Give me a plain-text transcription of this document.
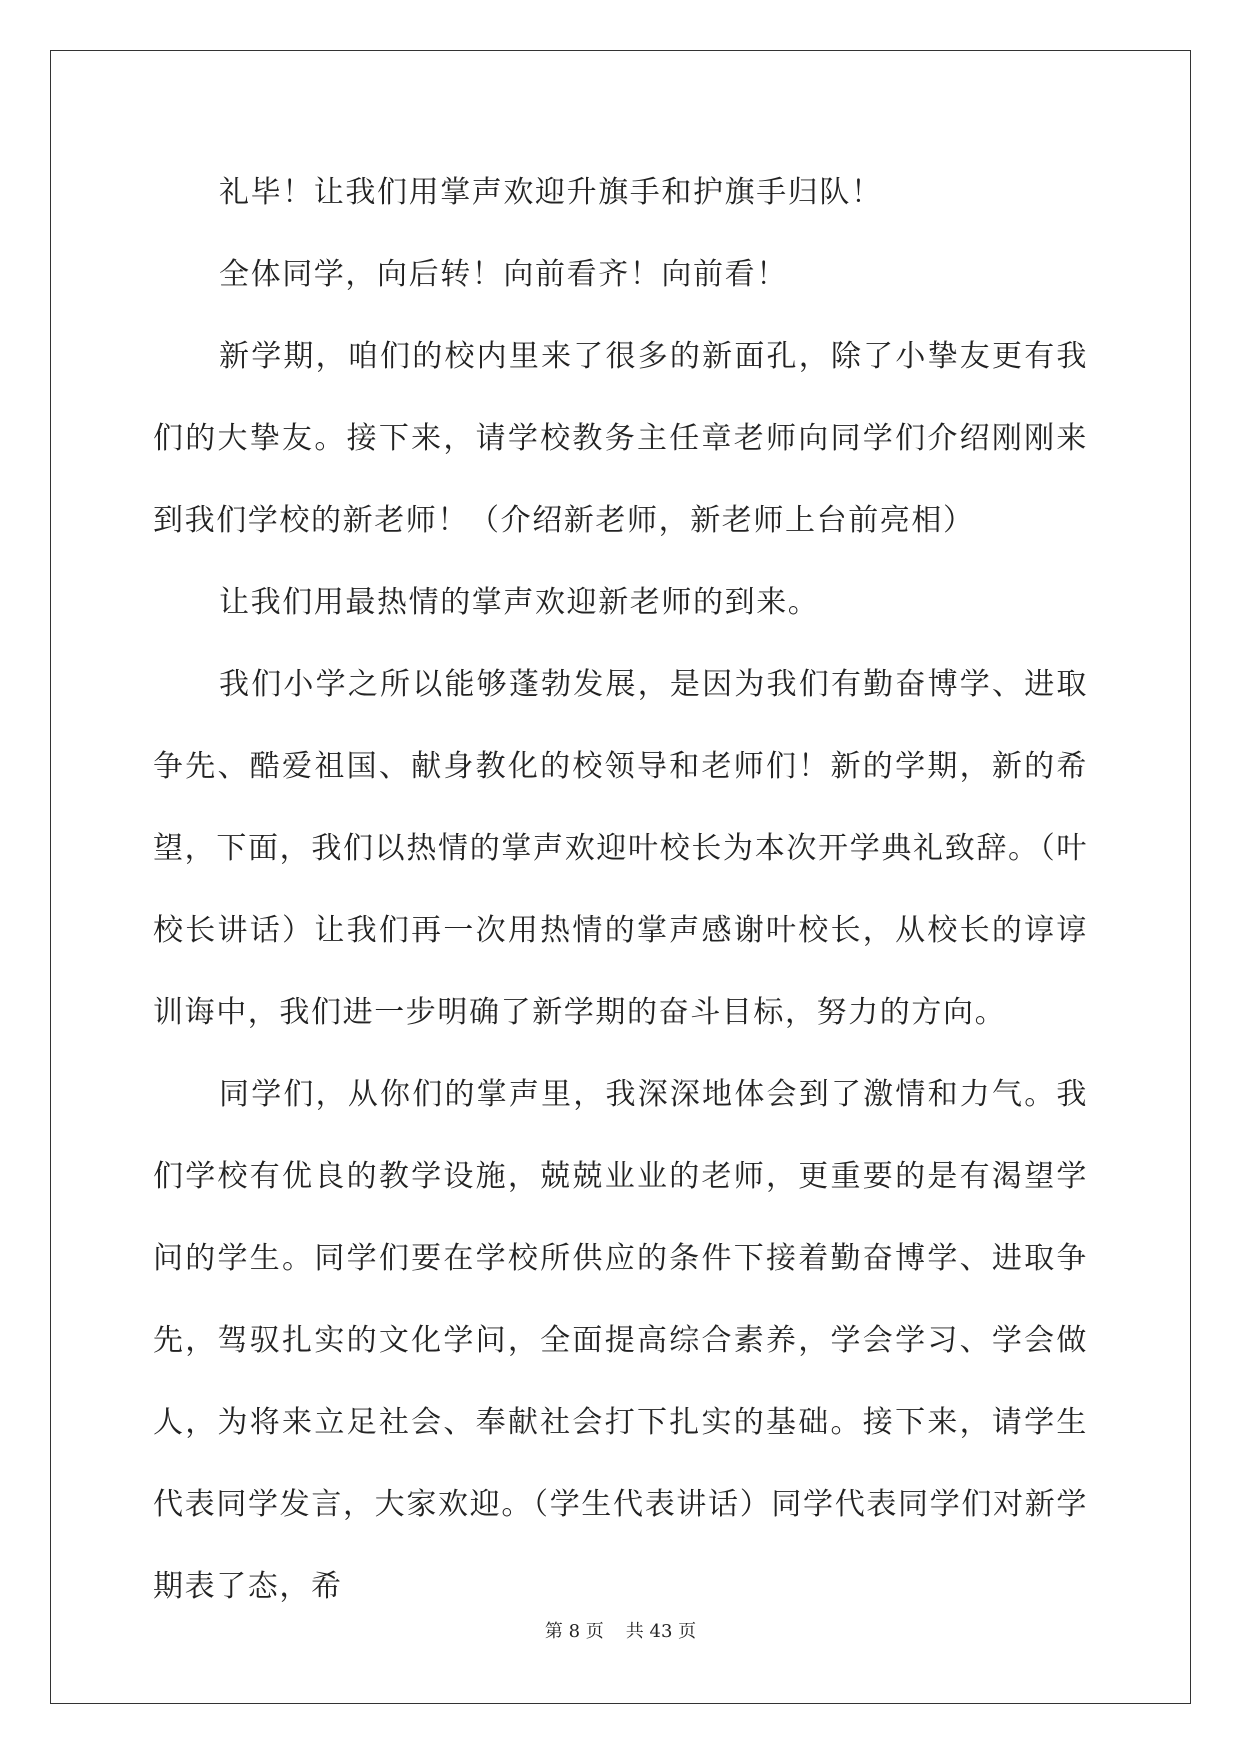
礼毕！让我们用掌声欢迎升旗手和护旗手归队！

全体同学，向后转！向前看齐！向前看！

新学期，咱们的校内里来了很多的新面孔，除了小挚友更有我们的大挚友。接下来，请学校教务主任章老师向同学们介绍刚刚来到我们学校的新老师！（介绍新老师，新老师上台前亮相）

让我们用最热情的掌声欢迎新老师的到来。

我们小学之所以能够蓬勃发展，是因为我们有勤奋博学、进取争先、酷爱祖国、献身教化的校领导和老师们！新的学期，新的希望，下面，我们以热情的掌声欢迎叶校长为本次开学典礼致辞。（叶校长讲话）让我们再一次用热情的掌声感谢叶校长，从校长的谆谆训诲中，我们进一步明确了新学期的奋斗目标，努力的方向。

同学们，从你们的掌声里，我深深地体会到了激情和力气。我们学校有优良的教学设施，兢兢业业的老师，更重要的是有渴望学问的学生。同学们要在学校所供应的条件下接着勤奋博学、进取争先，驾驭扎实的文化学问，全面提高综合素养，学会学习、学会做人，为将来立足社会、奉献社会打下扎实的基础。接下来，请学生代表同学发言，大家欢迎。（学生代表讲话）同学代表同学们对新学期表了态，希

第 8 页 共 43 页
